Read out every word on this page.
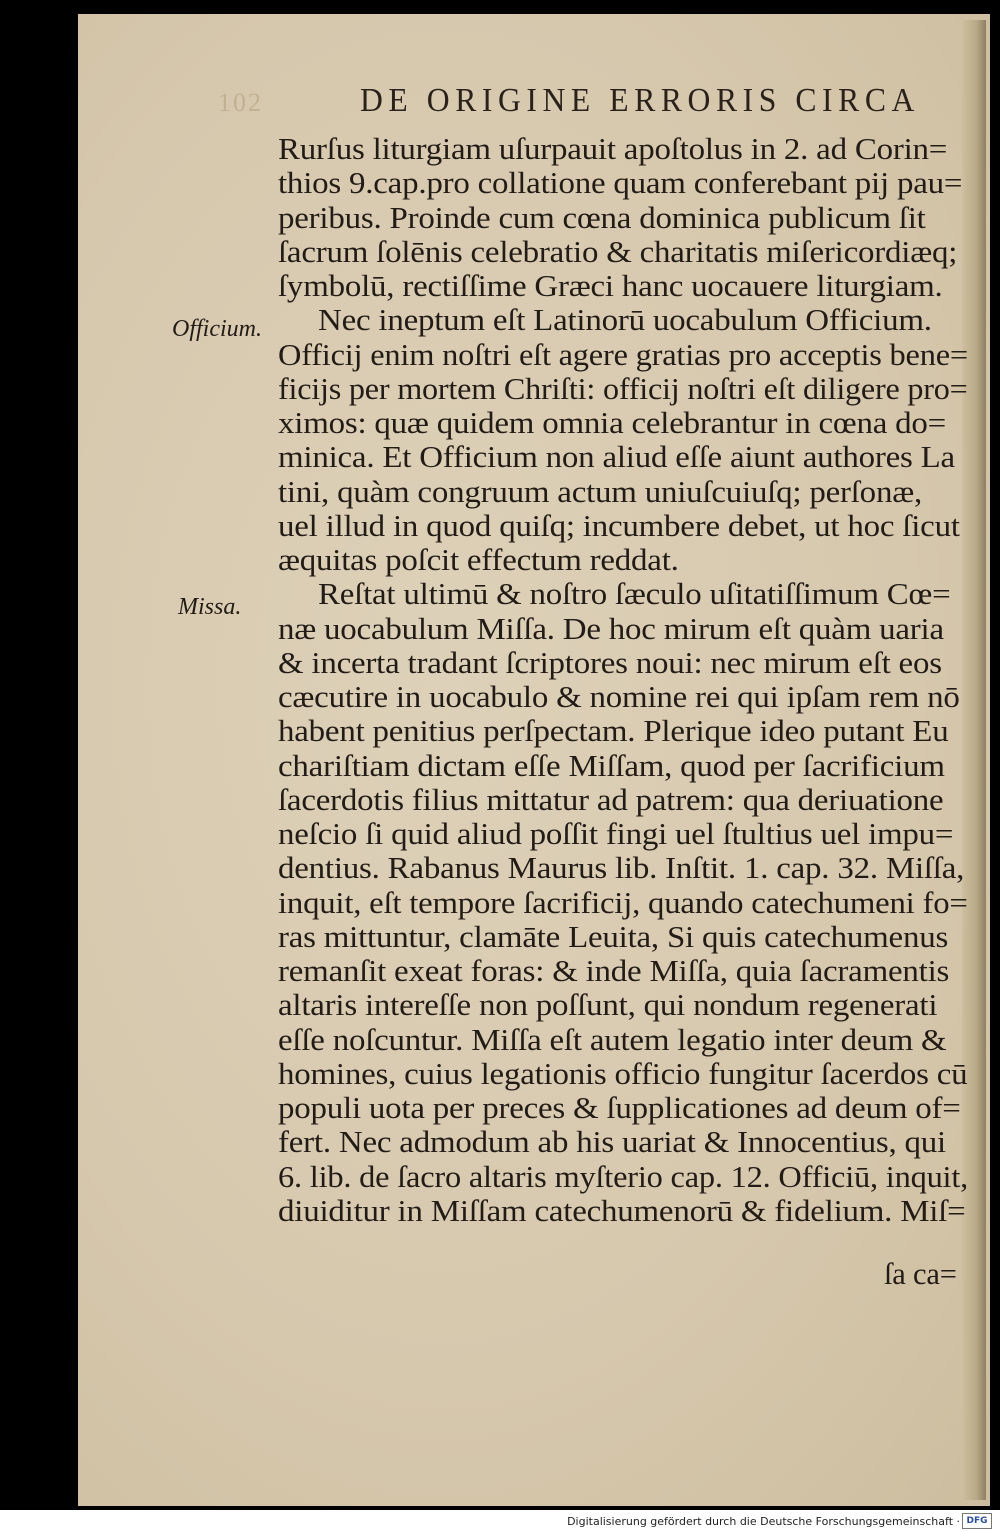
102	DE ORIGINE ERRORIS CIRCA
Officium.
Missa.
Rurſus liturgiam uſurpauit apoſtolus in 2. ad Corin=
thios 9.cap.pro collatione quam conferebant pij pau=
peribus. Proinde cum cœna dominica publicum ſit
ſacrum ſolēnis celebratio & charitatis miſericordiæq;
ſymbolū, rectiſſime Græci hanc uocauere liturgiam.
Nec ineptum eſt Latinorū uocabulum Officium.
Officij enim noſtri eſt agere gratias pro acceptis bene=
ficijs per mortem Chriſti: officij noſtri eſt diligere pro=
ximos: quæ quidem omnia celebrantur in cœna do=
minica. Et Officium non aliud eſſe aiunt authores La
tini, quàm congruum actum uniuſcuiuſq; perſonæ,
uel illud in quod quiſq; incumbere debet, ut hoc ſicut
æquitas poſcit effectum reddat.
Reſtat ultimū & noſtro ſæculo uſitatiſſimum Cœ=
næ uocabulum Miſſa. De hoc mirum eſt quàm uaria
& incerta tradant ſcriptores noui: nec mirum eſt eos
cæcutire in uocabulo & nomine rei qui ipſam rem nō
habent penitius perſpectam. Plerique ideo putant Eu
chariſtiam dictam eſſe Miſſam, quod per ſacrificium
ſacerdotis filius mittatur ad patrem: qua deriuatione
neſcio ſi quid aliud poſſit fingi uel ſtultius uel impu=
dentius. Rabanus Maurus lib. Inſtit. 1. cap. 32. Miſſa,
inquit, eſt tempore ſacrificij, quando catechumeni fo=
ras mittuntur, clamāte Leuita, Si quis catechumenus
remanſit exeat foras: & inde Miſſa, quia ſacramentis
altaris intereſſe non poſſunt, qui nondum regenerati
eſſe noſcuntur. Miſſa eſt autem legatio inter deum &
homines, cuius legationis officio fungitur ſacerdos cū
populi uota per preces & ſupplicationes ad deum of=
fert. Nec admodum ab his uariat & Innocentius, qui
6. lib. de ſacro altaris myſterio cap. 12. Officiū, inquit,
diuiditur in Miſſam catechumenorū & fidelium. Miſ=
ſa ca=
Digitalisierung gefördert durch die Deutsche Forschungsgemeinschaft · DFG
